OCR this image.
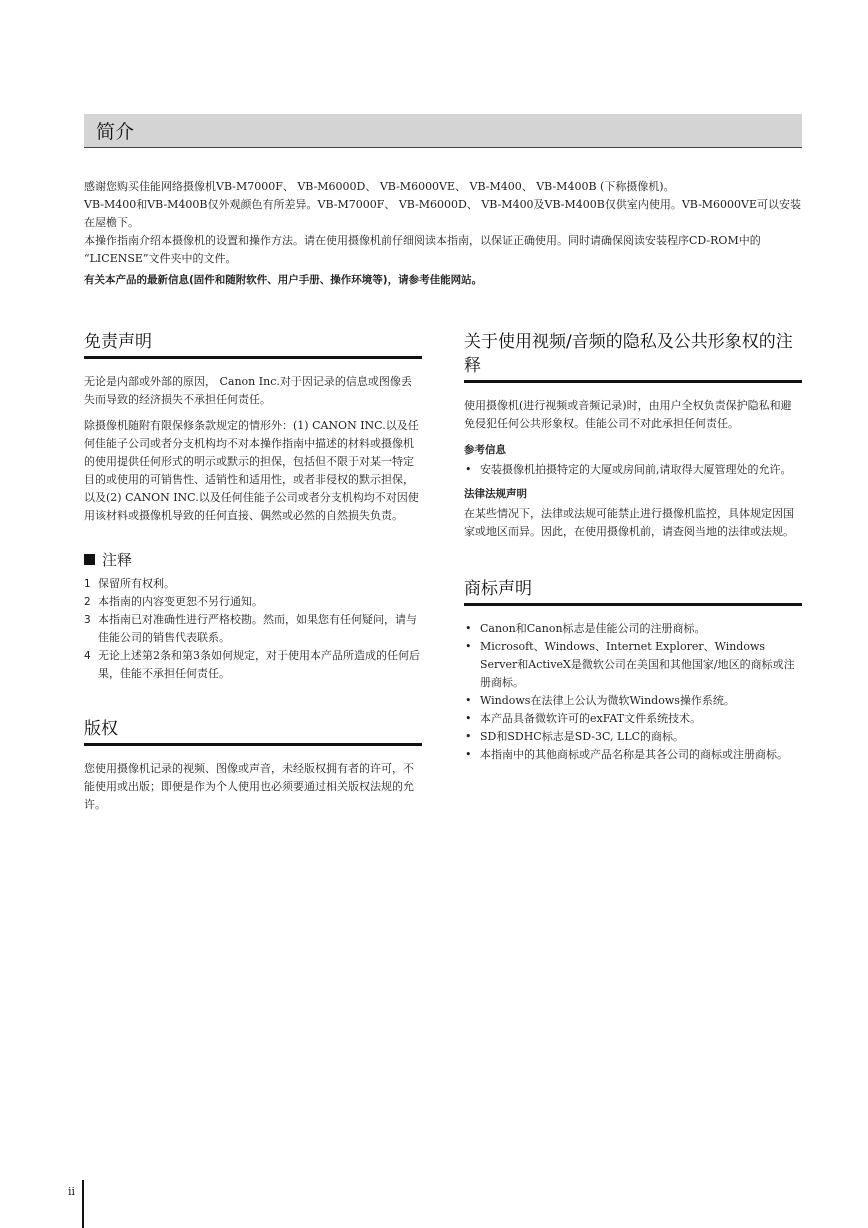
简介

感谢您购买佳能网络摄像机VB-M7000F、 VB-M6000D、 VB-M6000VE、 VB-M400、 VB-M400B (下称摄像机)。

VB-M400和VB-M400B仅外观颜色有所差异。VB-M7000F、 VB-M6000D、 VB-M400及VB-M400B仅供室内使用。VB-M6000VE可以安装在屋檐下。

本操作指南介绍本摄像机的设置和操作方法。请在使用摄像机前仔细阅读本指南，以保证正确使用。同时请确保阅读安装程序CD-ROM中的 “LICENSE”文件夹中的文件。

有关本产品的最新信息(固件和随附软件、用户手册、操作环境等)，请参考佳能网站。

免责声明

无论是内部或外部的原因， Canon Inc.对于因记录的信息或图像丢失而导致的经济损失不承担任何责任。

除摄像机随附有限保修条款规定的情形外：(1) CANON INC.以及任何佳能子公司或者分支机构均不对本操作指南中描述的材料或摄像机的使用提供任何形式的明示或默示的担保，包括但不限于对某一特定目的或使用的可销售性、适销性和适用性，或者非侵权的默示担保，以及(2) CANON INC.以及任何佳能子公司或者分支机构均不对因使用该材料或摄像机导致的任何直接、偶然或必然的自然损失负责。

注释
1 保留所有权利。
2 本指南的内容变更恕不另行通知。
3 本指南已对准确性进行严格校勘。然而，如果您有任何疑问，请与佳能公司的销售代表联系。
4 无论上述第2条和第3条如何规定，对于使用本产品所造成的任何后果，佳能不承担任何责任。
版权

您使用摄像机记录的视频、图像或声音，未经版权拥有者的许可，不能使用或出版；即便是作为个人使用也必须要通过相关版权法规的允许。

关于使用视频/音频的隐私及公共形象权的注释

使用摄像机(进行视频或音频记录)时，由用户全权负责保护隐私和避免侵犯任何公共形象权。佳能公司不对此承担任何责任。

参考信息
• 安装摄像机拍摄特定的大厦或房间前,请取得大厦管理处的允许。
法律法规声明

在某些情况下，法律或法规可能禁止进行摄像机监控，具体规定因国家或地区而异。因此，在使用摄像机前，请查阅当地的法律或法规。

商标声明
• Canon和Canon标志是佳能公司的注册商标。
• Microsoft、Windows、Internet Explorer、Windows Server和ActiveX是微软公司在美国和其他国家/地区的商标或注册商标。
• Windows在法律上公认为微软Windows操作系统。
• 本产品具备微软许可的exFAT文件系统技术。
• SD和SDHC标志是SD-3C, LLC的商标。
• 本指南中的其他商标或产品名称是其各公司的商标或注册商标。
ii
